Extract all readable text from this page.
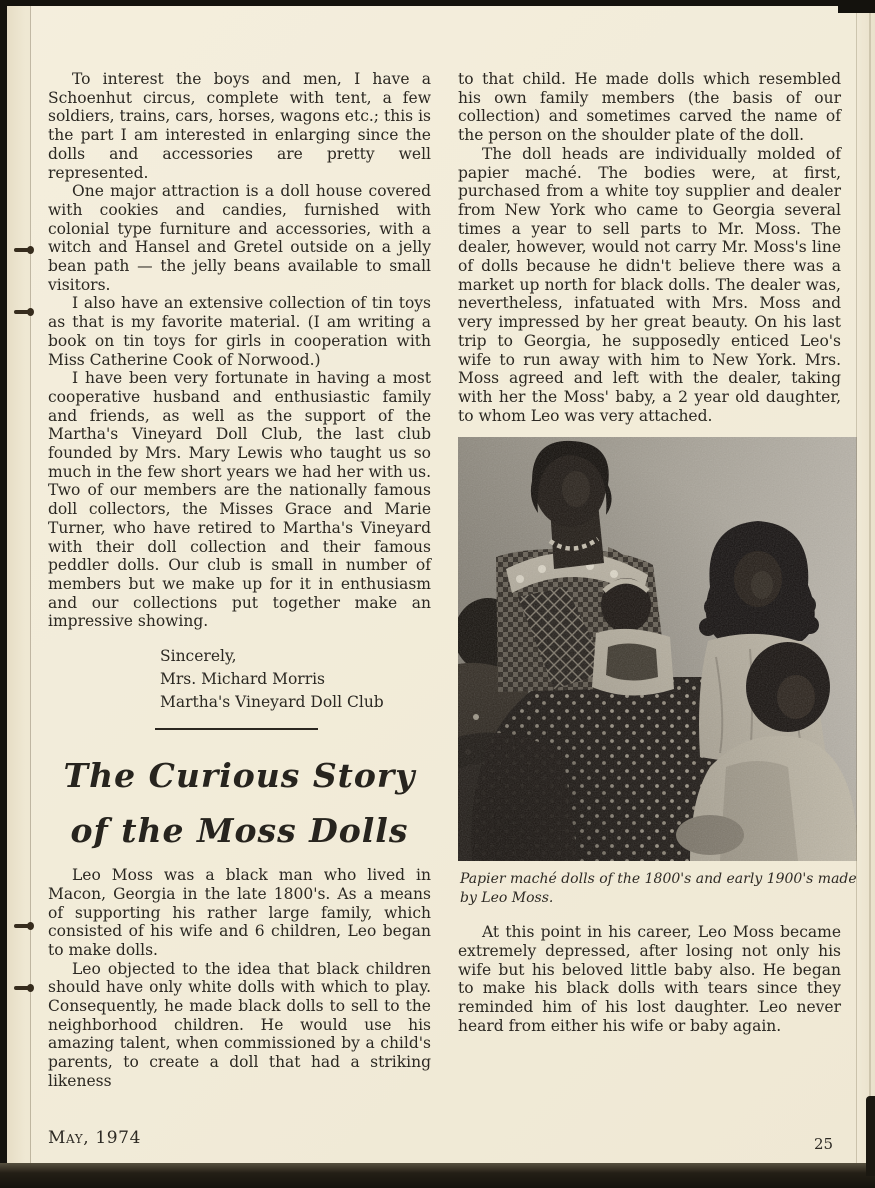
To interest the boys and men, I have a Schoenhut circus, complete with tent, a few soldiers, trains, cars, horses, wagons etc.; this is the part I am interested in enlarging since the dolls and accessories are pretty well represented.

One major attraction is a doll house covered with cookies and candies, furnished with colonial type furniture and accessories, with a witch and Hansel and Gretel outside on a jelly bean path — the jelly beans available to small visitors.

I also have an extensive collection of tin toys as that is my favorite material. (I am writing a book on tin toys for girls in cooperation with Miss Catherine Cook of Norwood.)

I have been very fortunate in having a most cooperative husband and enthusiastic family and friends, as well as the support of the Martha's Vineyard Doll Club, the last club founded by Mrs. Mary Lewis who taught us so much in the few short years we had her with us. Two of our members are the nationally famous doll collectors, the Misses Grace and Marie Turner, who have retired to Martha's Vineyard with their doll collection and their famous peddler dolls. Our club is small in number of members but we make up for it in enthusiasm and our collections put together make an impressive showing.

Sincerely,
Mrs. Michard Morris
Martha's Vineyard Doll Club
The Curious Story
of the Moss Dolls

Leo Moss was a black man who lived in Macon, Georgia in the late 1800's. As a means of supporting his rather large family, which consisted of his wife and 6 children, Leo began to make dolls.

Leo objected to the idea that black children should have only white dolls with which to play. Consequently, he made black dolls to sell to the neighborhood children. He would use his amazing talent, when commissioned by a child's parents, to create a doll that had a striking likeness

to that child. He made dolls which resembled his own family members (the basis of our collection) and sometimes carved the name of the person on the shoulder plate of the doll.

The doll heads are individually molded of papier maché. The bodies were, at first, purchased from a white toy supplier and dealer from New York who came to Georgia several times a year to sell parts to Mr. Moss. The dealer, however, would not carry Mr. Moss's line of dolls because he didn't believe there was a market up north for black dolls. The dealer was, nevertheless, infatuated with Mrs. Moss and very impressed by her great beauty. On his last trip to Georgia, he supposedly enticed Leo's wife to run away with him to New York. Mrs. Moss agreed and left with the dealer, taking with her the Moss' baby, a 2 year old daughter, to whom Leo was very attached.

Papier maché dolls of the 1800's and early 1900's made by Leo Moss.

At this point in his career, Leo Moss became extremely depressed, after losing not only his wife but his beloved little baby also. He began to make his black dolls with tears since they reminded him of his lost daughter. Leo never heard from either his wife or baby again.

May, 1974	25
